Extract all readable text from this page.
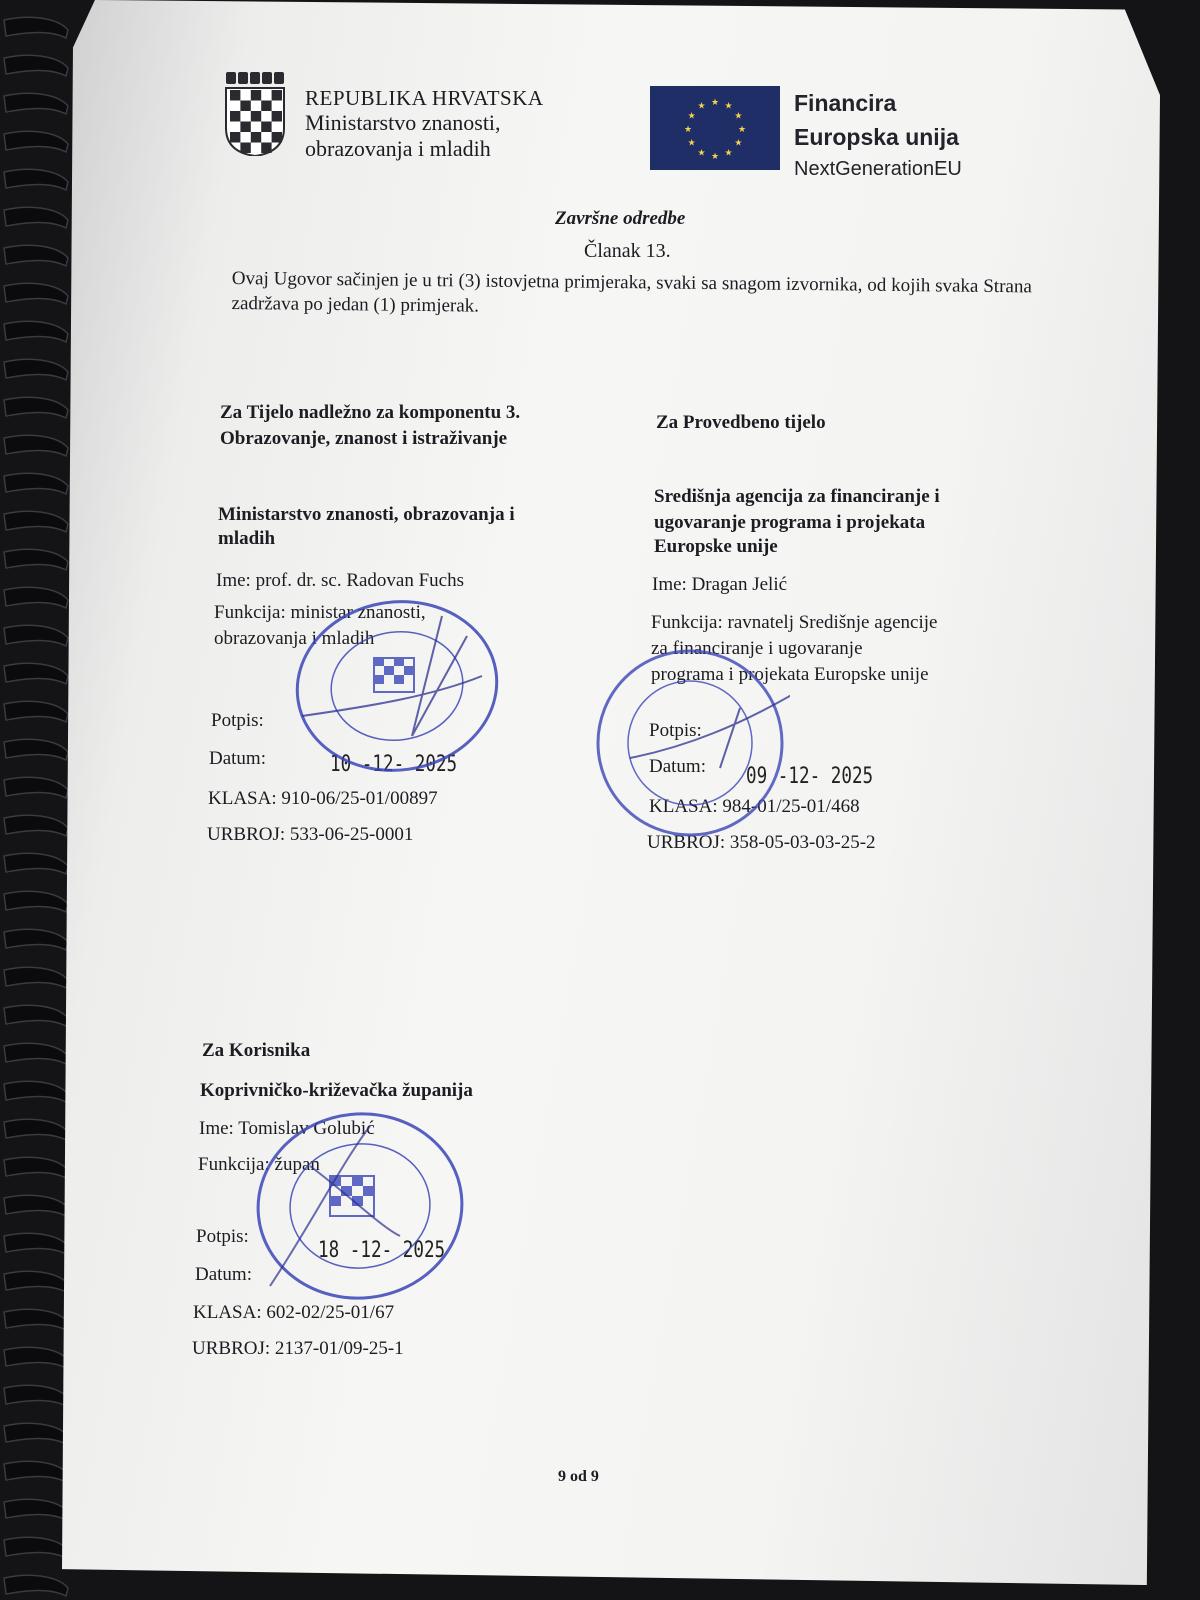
REPUBLIKA HRVATSKA
Ministarstvo znanosti,
obrazovanja i mladih
★
★
★
★
★
★
★
★
★ ★ ★
★
Financira
Europska unija
NextGenerationEU
Završne odredbe
Članak 13.
Ovaj Ugovor sačinjen je u tri (3) istovjetna primjeraka, svaki sa snagom izvornika, od kojih svaka Strana zadržava po jedan (1) primjerak.
Za Tijelo nadležno za komponentu 3.
Obrazovanje, znanost i istraživanje
Ministarstvo znanosti, obrazovanja i
mladih
Ime: prof. dr. sc. Radovan Fuchs
Funkcija: ministar znanosti,
obrazovanja i mladih
Potpis:
Datum:	10 -12- 2025
KLASA: 910-06/25-01/00897
URBROJ: 533-06-25-0001
Za Provedbeno tijelo
Središnja agencija za financiranje i
ugovaranje programa i projekata
Europske unije
Ime: Dragan Jelić
Funkcija: ravnatelj Središnje agencije
za financiranje i ugovaranje
programa i projekata Europske unije
Potpis:
Datum: 09 -12- 2025
KLASA: 984-01/25-01/468
URBROJ: 358-05-03-03-25-2
Za Korisnika
Koprivničko-križevačka županija
Ime: Tomislav Golubić
Funkcija: župan
Potpis:
Datum:
18 -12- 2025
KLASA: 602-02/25-01/67
URBROJ: 2137-01/09-25-1
9 od 9
